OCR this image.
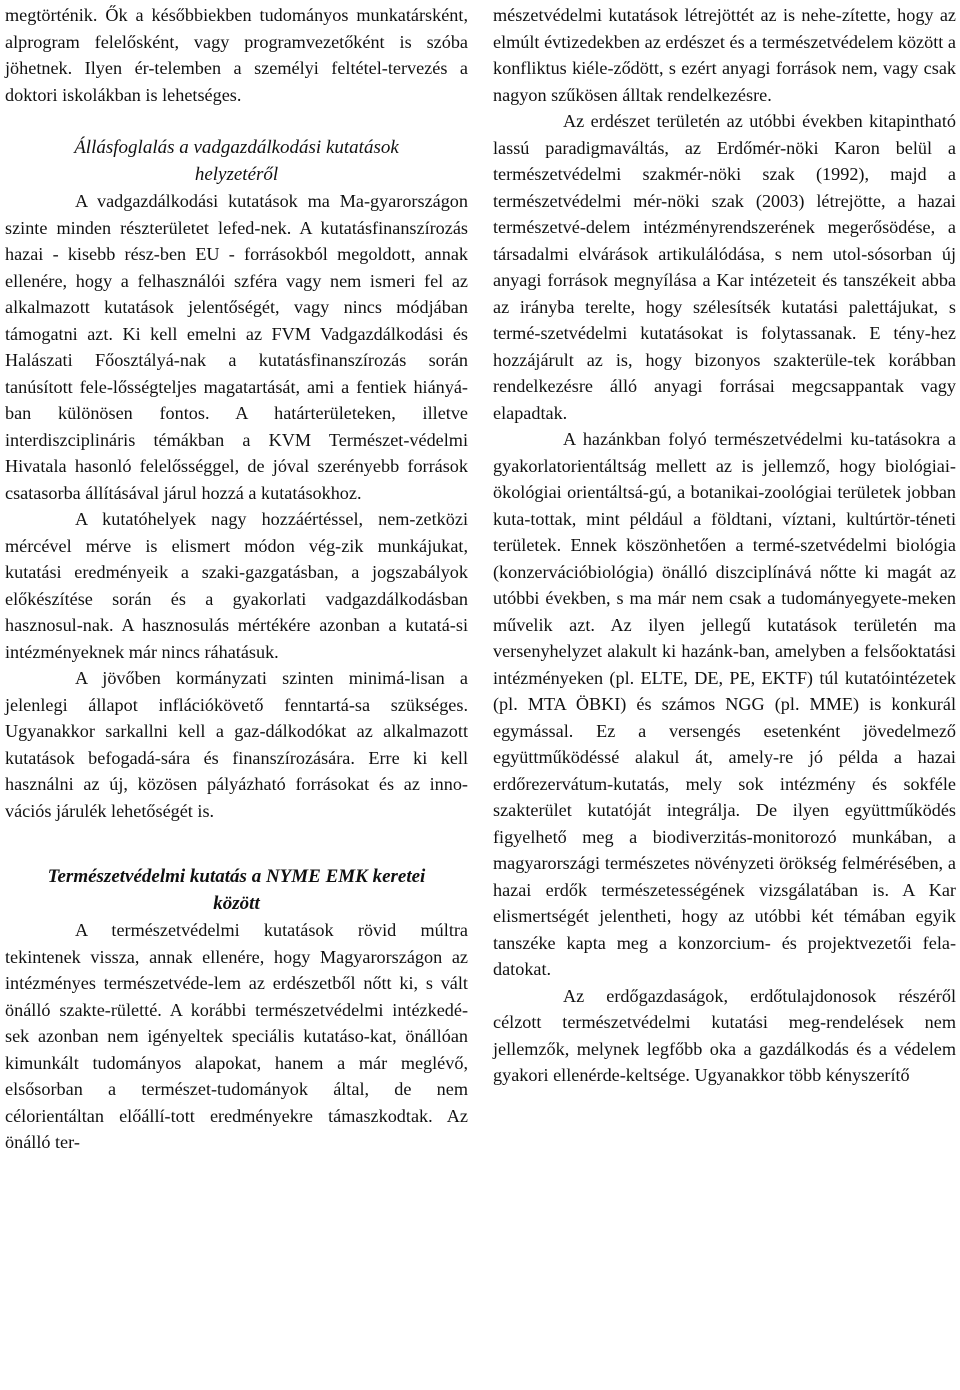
megtörténik. Ők a későbbiekben tudományos munkatársként, alprogram felelősként, vagy programvezetőként is szóba jöhetnek. Ilyen ér-telemben a személyi feltétel-tervezés a doktori iskolákban is lehetséges.

Állásfoglalás a vadgazdálkodási kutatások helyzetéről

A vadgazdálkodási kutatások ma Ma-gyarországon szinte minden részterületet lefed-nek. A kutatásfinanszírozás hazai - kisebb rész-ben EU - forrásokból megoldott, annak ellenére, hogy a felhasználói szféra vagy nem ismeri fel az alkalmazott kutatások jelentőségét, vagy nincs módjában támogatni azt. Ki kell emelni az FVM Vadgazdálkodási és Halászati Főosztályá-nak a kutatásfinanszírozás során tanúsított fele-lősségteljes magatartását, ami a fentiek hiányá-ban különösen fontos. A határterületeken, illetve interdiszciplináris témákban a KVM Természet-védelmi Hivatala hasonló felelősséggel, de jóval szerényebb források csatasorba állításával járul hozzá a kutatásokhoz.

A kutatóhelyek nagy hozzáértéssel, nem-zetközi mércével mérve is elismert módon vég-zik munkájukat, kutatási eredményeik a szaki-gazgatásban, a jogszabályok előkészítése során és a gyakorlati vadgazdálkodásban hasznosul-nak. A hasznosulás mértékére azonban a kutatá-si intézményeknek már nincs ráhatásuk.

A jövőben kormányzati szinten minimá-lisan a jelenlegi állapot inflációkövető fenntartá-sa szükséges. Ugyanakkor sarkallni kell a gaz-dálkodókat az alkalmazott kutatások befogadá-sára és finanszírozására. Erre ki kell használni az új, közösen pályázható forrásokat és az inno-vációs járulék lehetőségét is.

Természetvédelmi kutatás a NYME EMK keretei között

A természetvédelmi kutatások rövid múltra tekintenek vissza, annak ellenére, hogy Magyarországon az intézményes természetvéde-lem az erdészetből nőtt ki, s vált önálló szakte-rületté. A korábbi természetvédelmi intézkedé-sek azonban nem igényeltek speciális kutatáso-kat, önállóan kimunkált tudományos alapokat, hanem a már meglévő, elsősorban a természet-tudományok által, de nem célorientáltan előállí-tott eredményekre támaszkodtak. Az önálló ter-

mészetvédelmi kutatások létrejöttét az is nehe-zítette, hogy az elmúlt évtizedekben az erdészet és a természetvédelem között a konfliktus kiéle-ződött, s ezért anyagi források nem, vagy csak nagyon szűkösen álltak rendelkezésre.

Az erdészet területén az utóbbi években kitapintható lassú paradigmaváltás, az Erdőmér-nöki Karon belül a természetvédelmi szakmér-nöki szak (1992), majd a természetvédelmi mér-nöki szak (2003) létrejötte, a hazai természetvé-delem intézményrendszerének megerősödése, a társadalmi elvárások artikulálódása, s nem utol-sósorban új anyagi források megnyílása a Kar intézeteit és tanszékeit abba az irányba terelte, hogy szélesítsék kutatási palettájukat, s termé-szetvédelmi kutatásokat is folytassanak. E tény-hez hozzájárult az is, hogy bizonyos szakterüle-tek korábban rendelkezésre álló anyagi forrásai megcsappantak vagy elapadtak.

A hazánkban folyó természetvédelmi ku-tatásokra a gyakorlatorientáltság mellett az is jellemző, hogy biológiai-ökológiai orientáltsá-gú, a botanikai-zoológiai területek jobban kuta-tottak, mint például a földtani, víztani, kultúrtör-téneti területek. Ennek köszönhetően a termé-szetvédelmi biológia (konzervációbiológia) önálló diszciplínává nőtte ki magát az utóbbi években, s ma már nem csak a tudományegyete-meken művelik azt. Az ilyen jellegű kutatások területén ma versenyhelyzet alakult ki hazánk-ban, amelyben a felsőoktatási intézményeken (pl. ELTE, DE, PE, EKTF) túl kutatóintézetek (pl. MTA ÖBKI) és számos NGG (pl. MME) is konkurál egymással. Ez a versengés esetenként jövedelmező együttműködéssé alakul át, amely-re jó példa a hazai erdőrezervátum-kutatás, mely sok intézmény és sokféle szakterület kutatóját integrálja. De ilyen együttműködés figyelhető meg a biodiverzitás-monitorozó munkában, a magyarországi természetes növényzeti örökség felmérésében, a hazai erdők természetességének vizsgálatában is. A Kar elismertségét jelentheti, hogy az utóbbi két témában egyik tanszéke kapta meg a konzorcium- és projektvezetői fela-datokat.

Az erdőgazdaságok, erdőtulajdonosok részéről célzott természetvédelmi kutatási meg-rendelések nem jellemzők, melynek legfőbb oka a gazdálkodás és a védelem gyakori ellenérde-keltsége. Ugyanakkor több kényszerítő
